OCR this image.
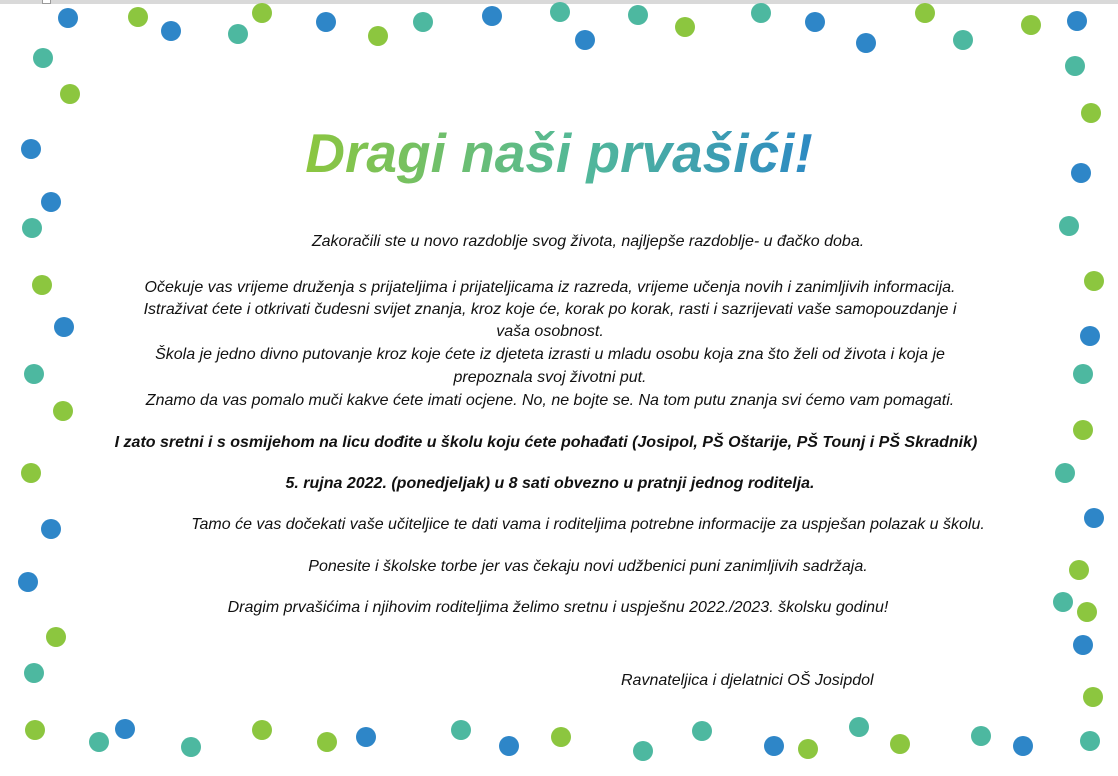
Dragi naši prvašići!
Zakoračili ste u novo razdoblje svog života, najljepše razdoblje- u đačko doba.
Očekuje vas vrijeme druženja s prijateljima i prijateljicama iz razreda, vrijeme učenja novih i zanimljivih informacija.
Istraživat ćete i otkrivati čudesni svijet znanja, kroz koje će, korak po korak, rasti i sazrijevati vaše samopouzdanje i
vaša osobnost.
Škola je jedno divno putovanje kroz koje ćete iz djeteta izrasti u mladu osobu koja zna što želi od života i koja je
prepoznala svoj životni put.
Znamo da vas pomalo muči kakve ćete imati ocjene. No, ne bojte se. Na tom putu znanja svi ćemo vam pomagati.
I zato sretni i s osmijehom na licu dođite u školu koju ćete pohađati (Josipol, PŠ Oštarije, PŠ Tounj i PŠ Skradnik)
5. rujna 2022. (ponedjeljak) u 8 sati obvezno u pratnji jednog roditelja.
Tamo će vas dočekati vaše učiteljice te dati vama i roditeljima potrebne informacije za uspješan polazak u školu.
Ponesite i školske torbe jer vas čekaju novi udžbenici puni zanimljivih sadržaja.
Dragim prvašićima i njihovim roditeljima želimo sretnu i uspješnu 2022./2023. školsku godinu!
Ravnateljica i djelatnici OŠ Josipdol
